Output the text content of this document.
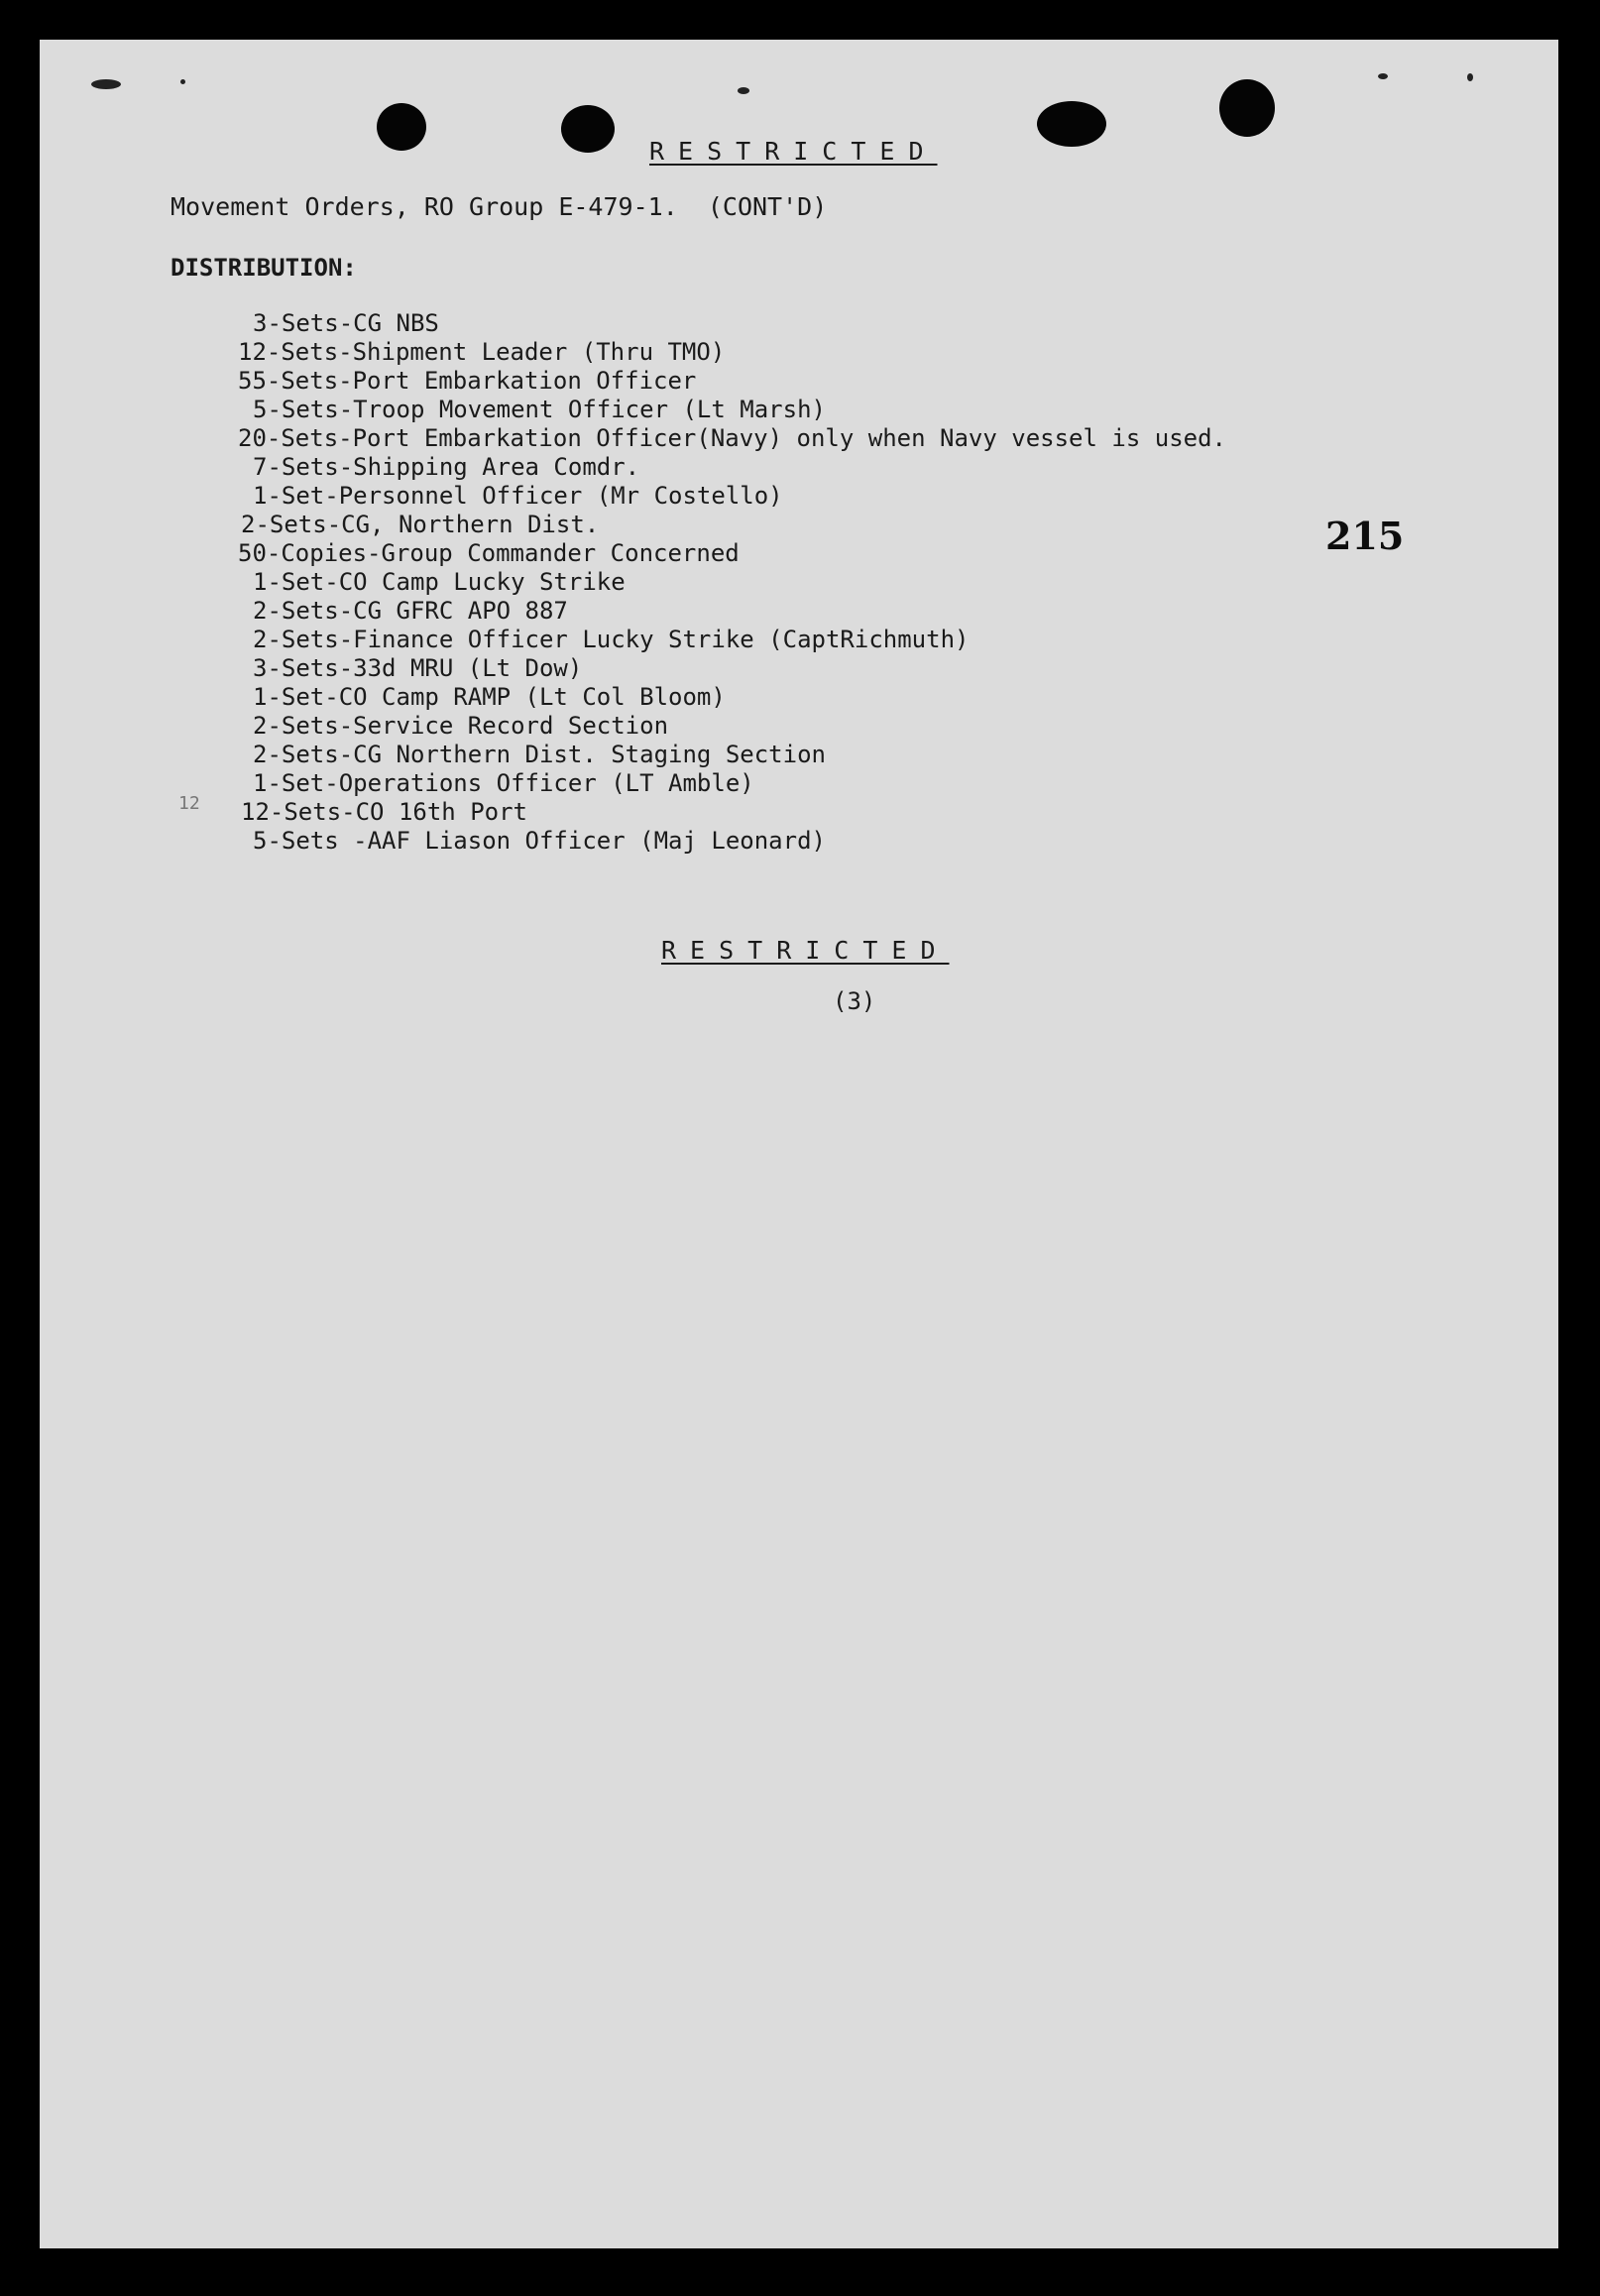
RESTRICTED
Movement Orders, RO Group E-479-1.  (CONT'D)
DISTRIBUTION:
12
3-Sets-CG NBS
12-Sets-Shipment Leader (Thru TMO)
55-Sets-Port Embarkation Officer
5-Sets-Troop Movement Officer (Lt Marsh)
20-Sets-Port Embarkation Officer(Navy) only when Navy vessel is used.
7-Sets-Shipping Area Comdr.
1-Set-Personnel Officer (Mr Costello)
2-Sets-CG, Northern Dist.
50-Copies-Group Commander Concerned
1-Set-CO Camp Lucky Strike
2-Sets-CG GFRC APO 887
2-Sets-Finance Officer Lucky Strike (CaptRichmuth)
3-Sets-33d MRU (Lt Dow)
1-Set-CO Camp RAMP (Lt Col Bloom)
2-Sets-Service Record Section
2-Sets-CG Northern Dist. Staging Section
1-Set-Operations Officer (LT Amble)
12-Sets-CO 16th Port
5-Sets -AAF Liason Officer (Maj Leonard)
215
RESTRICTED
(3)
